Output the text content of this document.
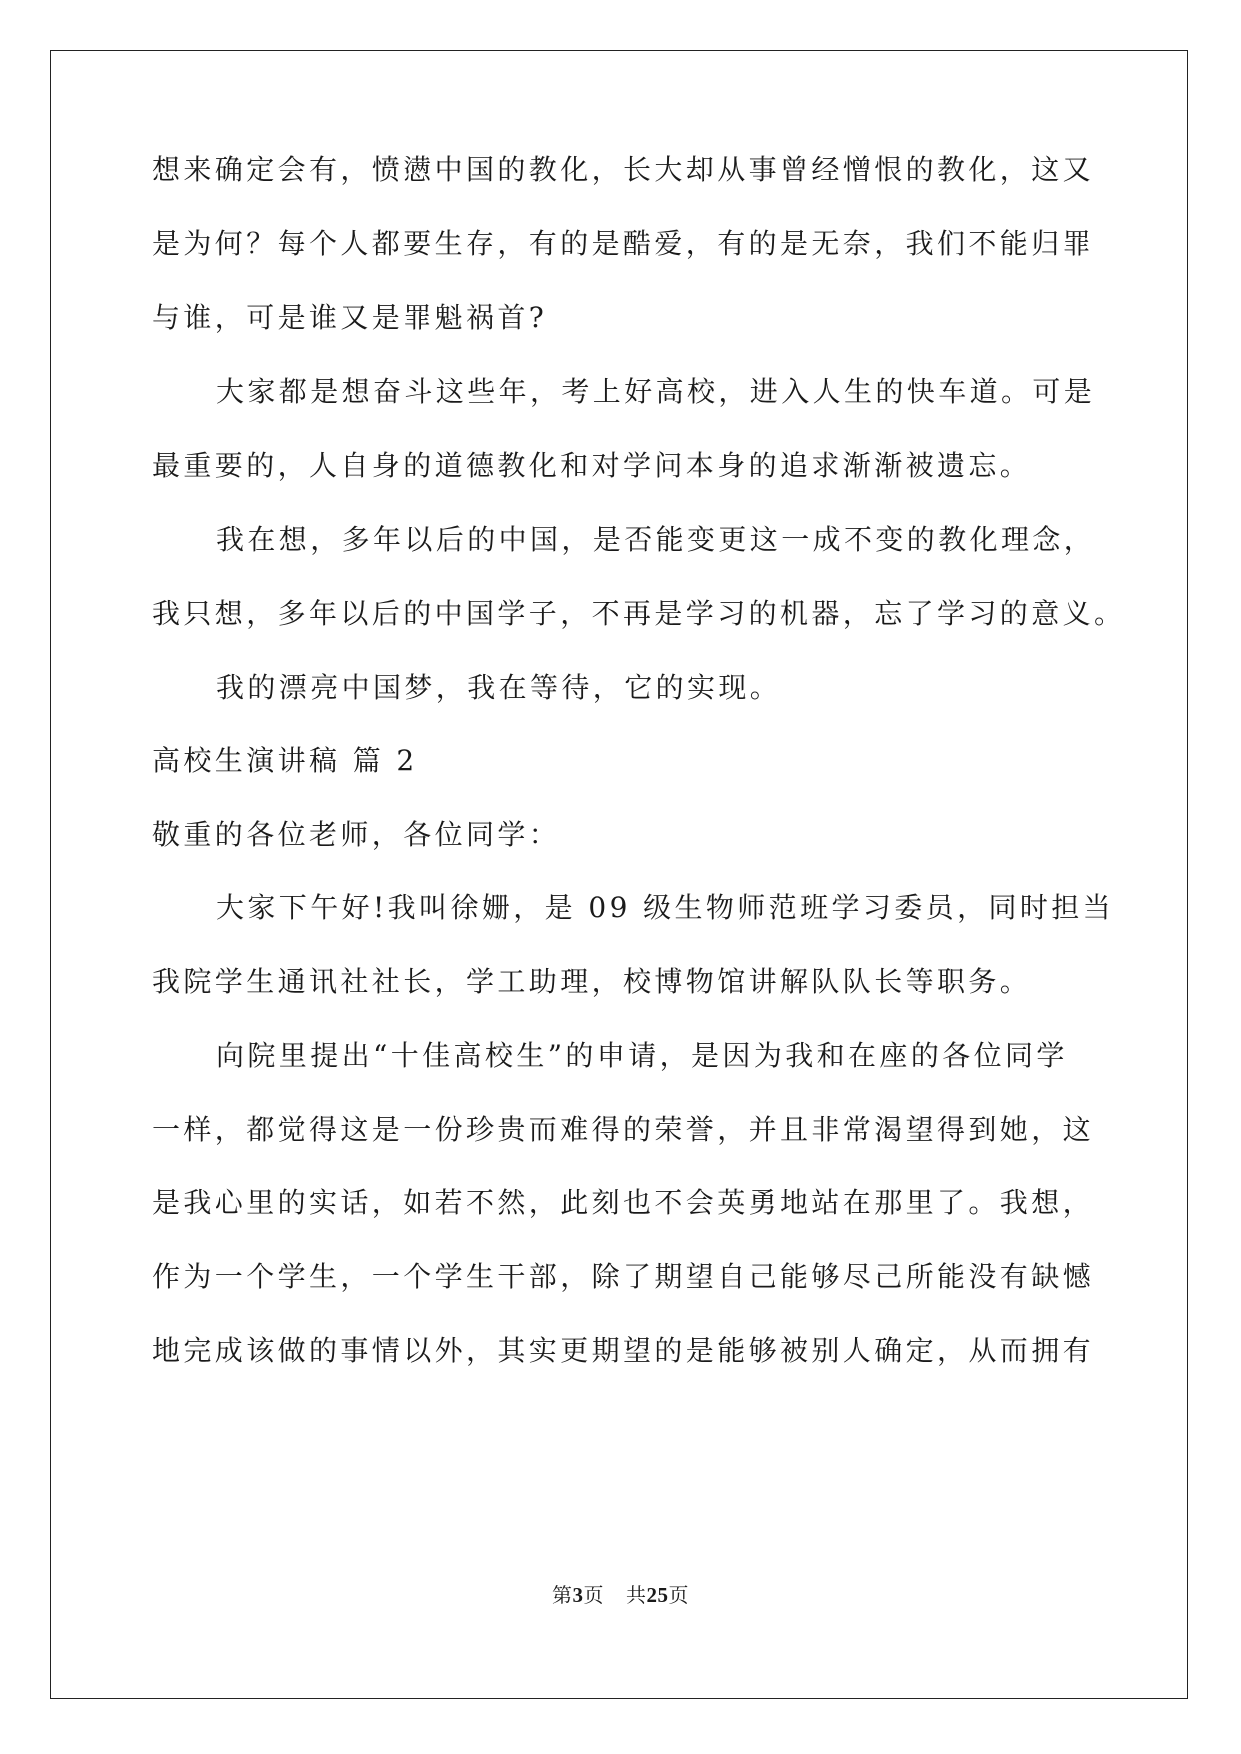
想来确定会有，愤懑中国的教化，长大却从事曾经憎恨的教化，这又
是为何？每个人都要生存，有的是酷爱，有的是无奈，我们不能归罪
与谁，可是谁又是罪魁祸首?
大家都是想奋斗这些年，考上好高校，进入人生的快车道。可是
最重要的，人自身的道德教化和对学问本身的追求渐渐被遗忘。
我在想，多年以后的中国，是否能变更这一成不变的教化理念，
我只想，多年以后的中国学子，不再是学习的机器，忘了学习的意义。
我的漂亮中国梦，我在等待，它的实现。
高校生演讲稿 篇 2
敬重的各位老师，各位同学：
大家下午好!我叫徐姗，是 09 级生物师范班学习委员，同时担当
我院学生通讯社社长，学工助理，校博物馆讲解队队长等职务。
向院里提出“十佳高校生”的申请，是因为我和在座的各位同学
一样，都觉得这是一份珍贵而难得的荣誉，并且非常渴望得到她，这
是我心里的实话，如若不然，此刻也不会英勇地站在那里了。我想，
作为一个学生，一个学生干部，除了期望自己能够尽己所能没有缺憾
地完成该做的事情以外，其实更期望的是能够被别人确定，从而拥有
第3页 共25页
